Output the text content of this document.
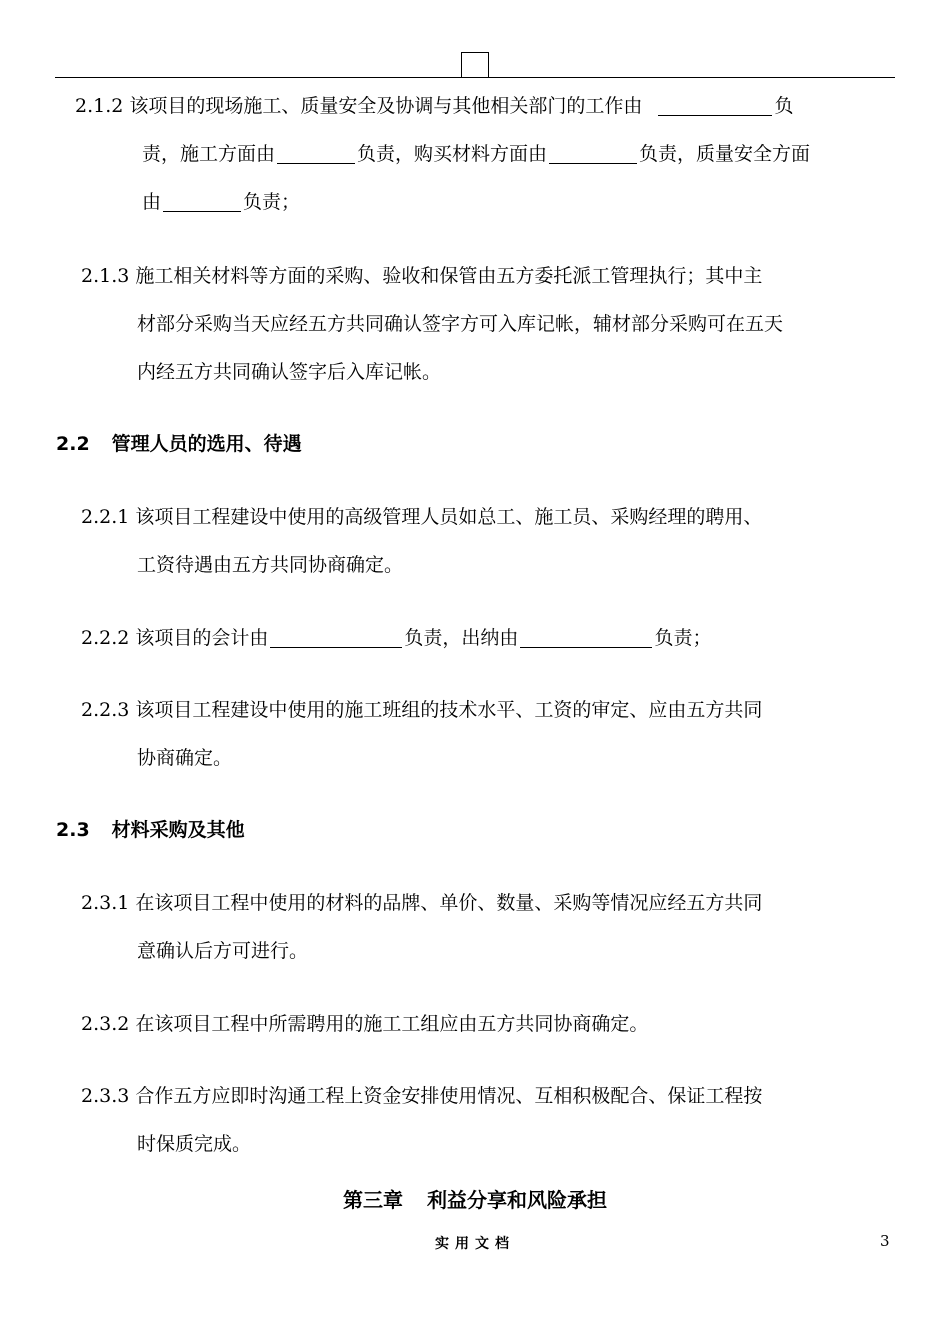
2.1.2 该项目的现场施工、质量安全及协调与其他相关部门的工作由	负
责，施工方面由	负责，购买材料方面由	负责，质量安全方面
由	负责；
2.1.3 施工相关材料等方面的采购、验收和保管由五方委托派工管理执行；其中主
材部分采购当天应经五方共同确认签字方可入库记帐，辅材部分采购可在五天
内经五方共同确认签字后入库记帐。
2.2 管理人员的选用、待遇
2.2.1 该项目工程建设中使用的高级管理人员如总工、施工员、采购经理的聘用、
工资待遇由五方共同协商确定。
2.2.2 该项目的会计由	负责，出纳由	负责；
2.2.3 该项目工程建设中使用的施工班组的技术水平、工资的审定、应由五方共同
协商确定。
2.3 材料采购及其他
2.3.1 在该项目工程中使用的材料的品牌、单价、数量、采购等情况应经五方共同
意确认后方可进行。
2.3.2 在该项目工程中所需聘用的施工工组应由五方共同协商确定。
2.3.3 合作五方应即时沟通工程上资金安排使用情况、互相积极配合、保证工程按
时保质完成。
第三章 利益分享和风险承担
实用文档	3
